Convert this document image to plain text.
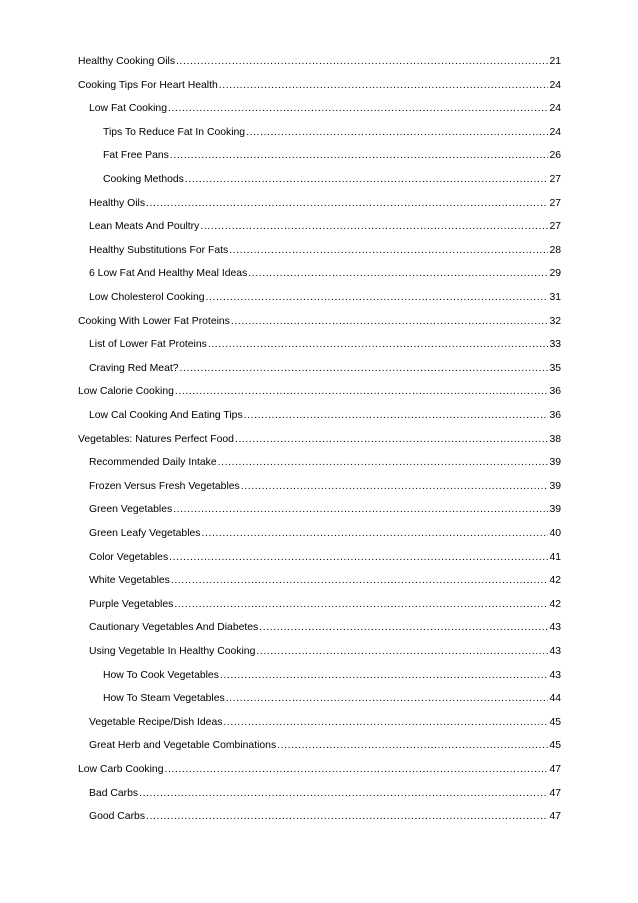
Healthy Cooking Oils .....	21
Cooking Tips For Heart Health .....	24
Low Fat Cooking .....	24
Tips To Reduce Fat In Cooking .....	24
Fat Free Pans .....	26
Cooking Methods .....	27
Healthy Oils .....	27
Lean Meats And Poultry .....	27
Healthy Substitutions For Fats .....	28
6 Low Fat And Healthy Meal Ideas .....	29
Low Cholesterol Cooking .....	31
Cooking With Lower Fat Proteins .....	32
List of Lower Fat Proteins .....	33
Craving Red Meat? .....	35
Low Calorie Cooking .....	36
Low Cal Cooking And Eating Tips .....	36
Vegetables: Natures Perfect Food .....	38
Recommended Daily Intake .....	39
Frozen Versus Fresh Vegetables .....	39
Green Vegetables .....	39
Green Leafy Vegetables .....	40
Color Vegetables .....	41
White Vegetables .....	42
Purple Vegetables .....	42
Cautionary Vegetables And Diabetes .....	43
Using Vegetable In Healthy Cooking .....	43
How To Cook Vegetables .....	43
How To Steam Vegetables .....	44
Vegetable Recipe/Dish Ideas .....	45
Great Herb and Vegetable Combinations .....	45
Low Carb Cooking .....	47
Bad Carbs .....	47
Good Carbs .....	47
